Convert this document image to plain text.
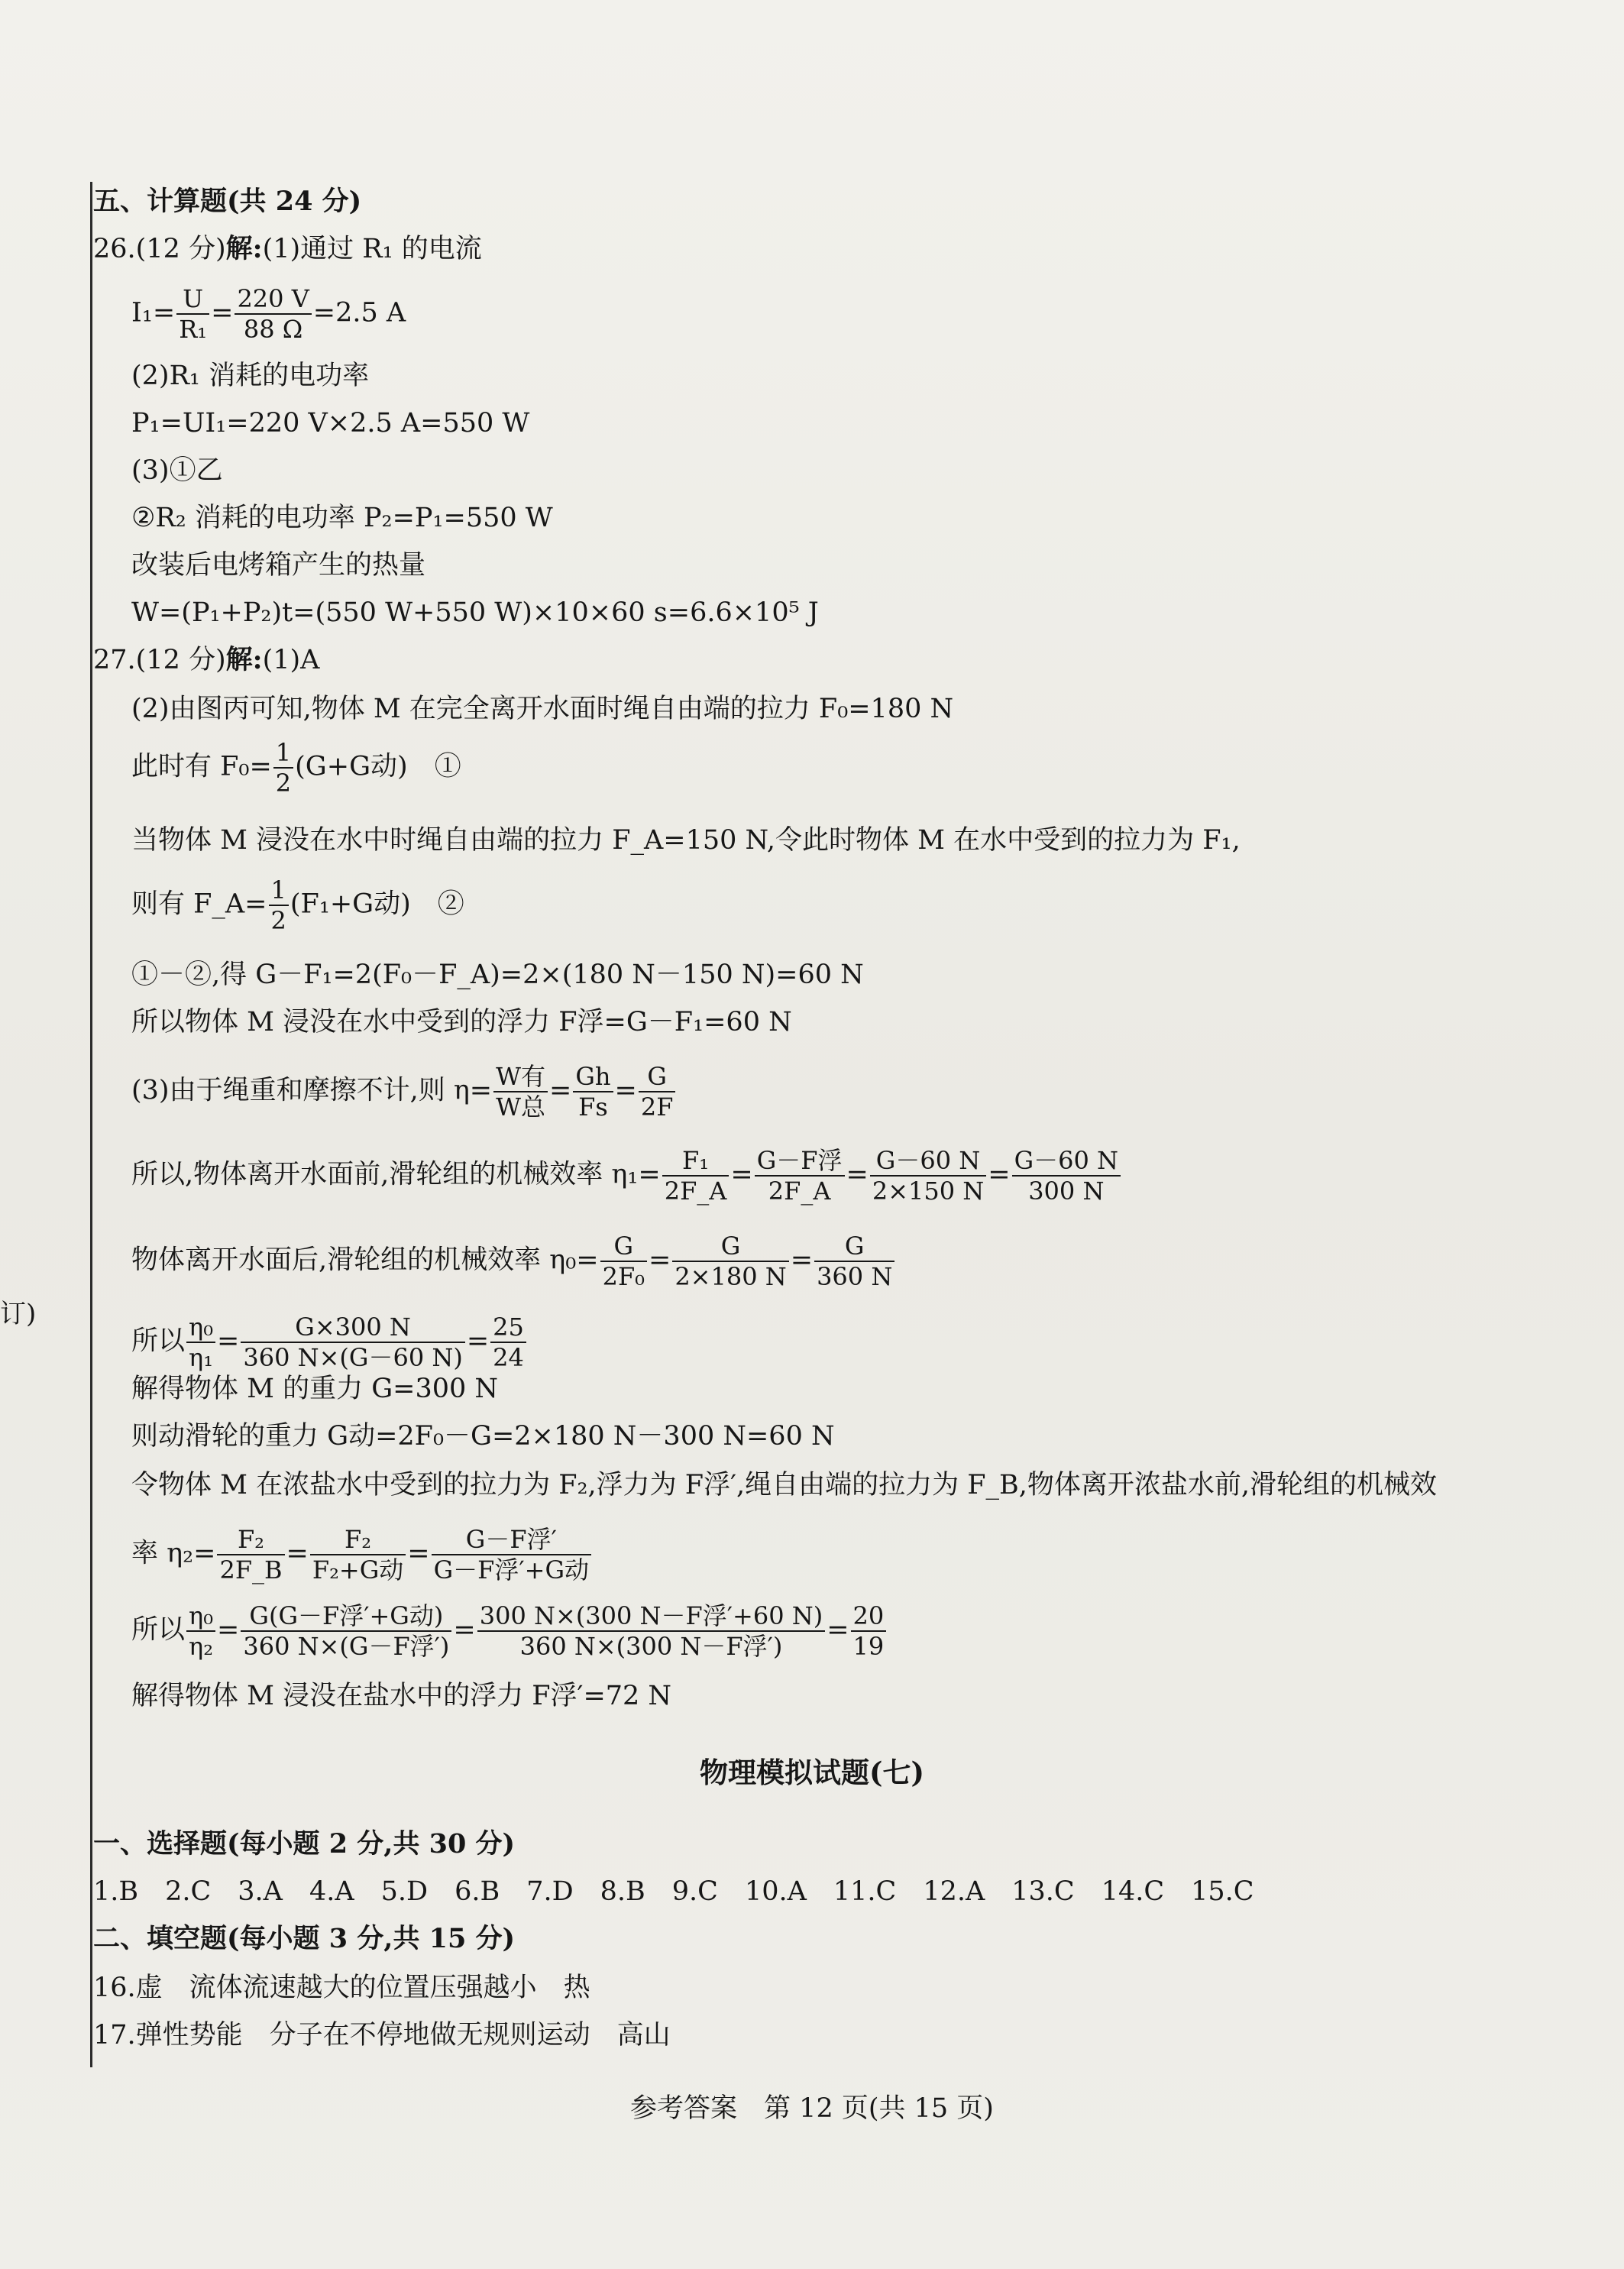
订)
五、计算题(共 24 分)
26.(12 分)解:(1)通过 R₁ 的电流
$I_1= \frac{U}{\text{R₁}} = \frac{220 V}{88 \Omega} =2.5$ A
(2)R₁ 消耗的电功率
P₁=UI₁=220 V×2.5 A=550 W
(3)①乙
②R₂ 消耗的电功率 P₂=P₁=550 W
改装后电烤箱产生的热量
W=(P₁+P₂)t=(550 W+550 W)×10×60 s=6.6×10⁵ J
27.(12 分)解:(1)A
(2)由图丙可知,物体 M 在完全离开水面时绳自由端的拉力 F₀=180 N
此时有 $F_0= \frac{1}{2} (G+G$动)　①
当物体 M 浸没在水中时绳自由端的拉力 F_A=150 N,令此时物体 M 在水中受到的拉力为 F₁,
则有 F_A= $\frac{1}{2} (F_1+G$动)　②
①－②,得 G－F₁=2(F₀－F_A)=2×(180 N－150 N)=60 N
所以物体 M 浸没在水中受到的浮力 F浮=G－F₁=60 N
(3)由于绳重和摩擦不计,则 $\eta= \frac{\text{W有}}{\text{W总}} = \frac{Gh}{Fs} = \frac{G}{2F}$
所以,物体离开水面前,滑轮组的机械效率 $\eta_1= \frac{\text{F₁}}{2F\_A} = \frac{\text{G－F浮}}{2F\_A} = \frac{G-60 N}{2\times 150 N} = \frac{G-60 N}{300 N}$
物体离开水面后,滑轮组的机械效率 $\eta_0= \frac{G}{\text{2F₀}} = \frac{G}{2\times 180 N} = \frac{G}{360 N}$
所以 $\frac{\text{η₀}}{\text{η₁}} = \frac{G\times 300 N}{360 N\times(G-60 N)} = \frac{25}{24}$
解得物体 M 的重力 G=300 N
则动滑轮的重力 G动=2F₀－G=2×180 N－300 N=60 N
令物体 M 在浓盐水中受到的拉力为 F₂,浮力为 F浮′,绳自由端的拉力为 F_B,物体离开浓盐水前,滑轮组的机械效
率 $\eta_2= \frac{\text{F₂}}{2F\_B} = \frac{\text{F₂}}{\text{F₂+G动}} = \frac{\text{G－F浮′}}{\text{G－F浮′+G动}}$
所以 $\frac{\text{η₀}}{\text{η₂}} = \frac{\text{G(G－F浮′+G动)}}{\text{360 N×(G－F浮′)}} = \frac{\text{300 N×(300 N－F浮′+60 N)}}{\text{360 N×(300 N－F浮′)}} = \frac{20}{19}$
解得物体 M 浸没在盐水中的浮力 F浮′=72 N
物理模拟试题(七)
一、选择题(每小题 2 分,共 30 分)
1.B　2.C　3.A　4.A　5.D　6.B　7.D　8.B　9.C　10.A　11.C　12.A　13.C　14.C　15.C
二、填空题(每小题 3 分,共 15 分)
16.虚　流体流速越大的位置压强越小　热
17.弹性势能　分子在不停地做无规则运动　高山
参考答案　第 12 页(共 15 页)
